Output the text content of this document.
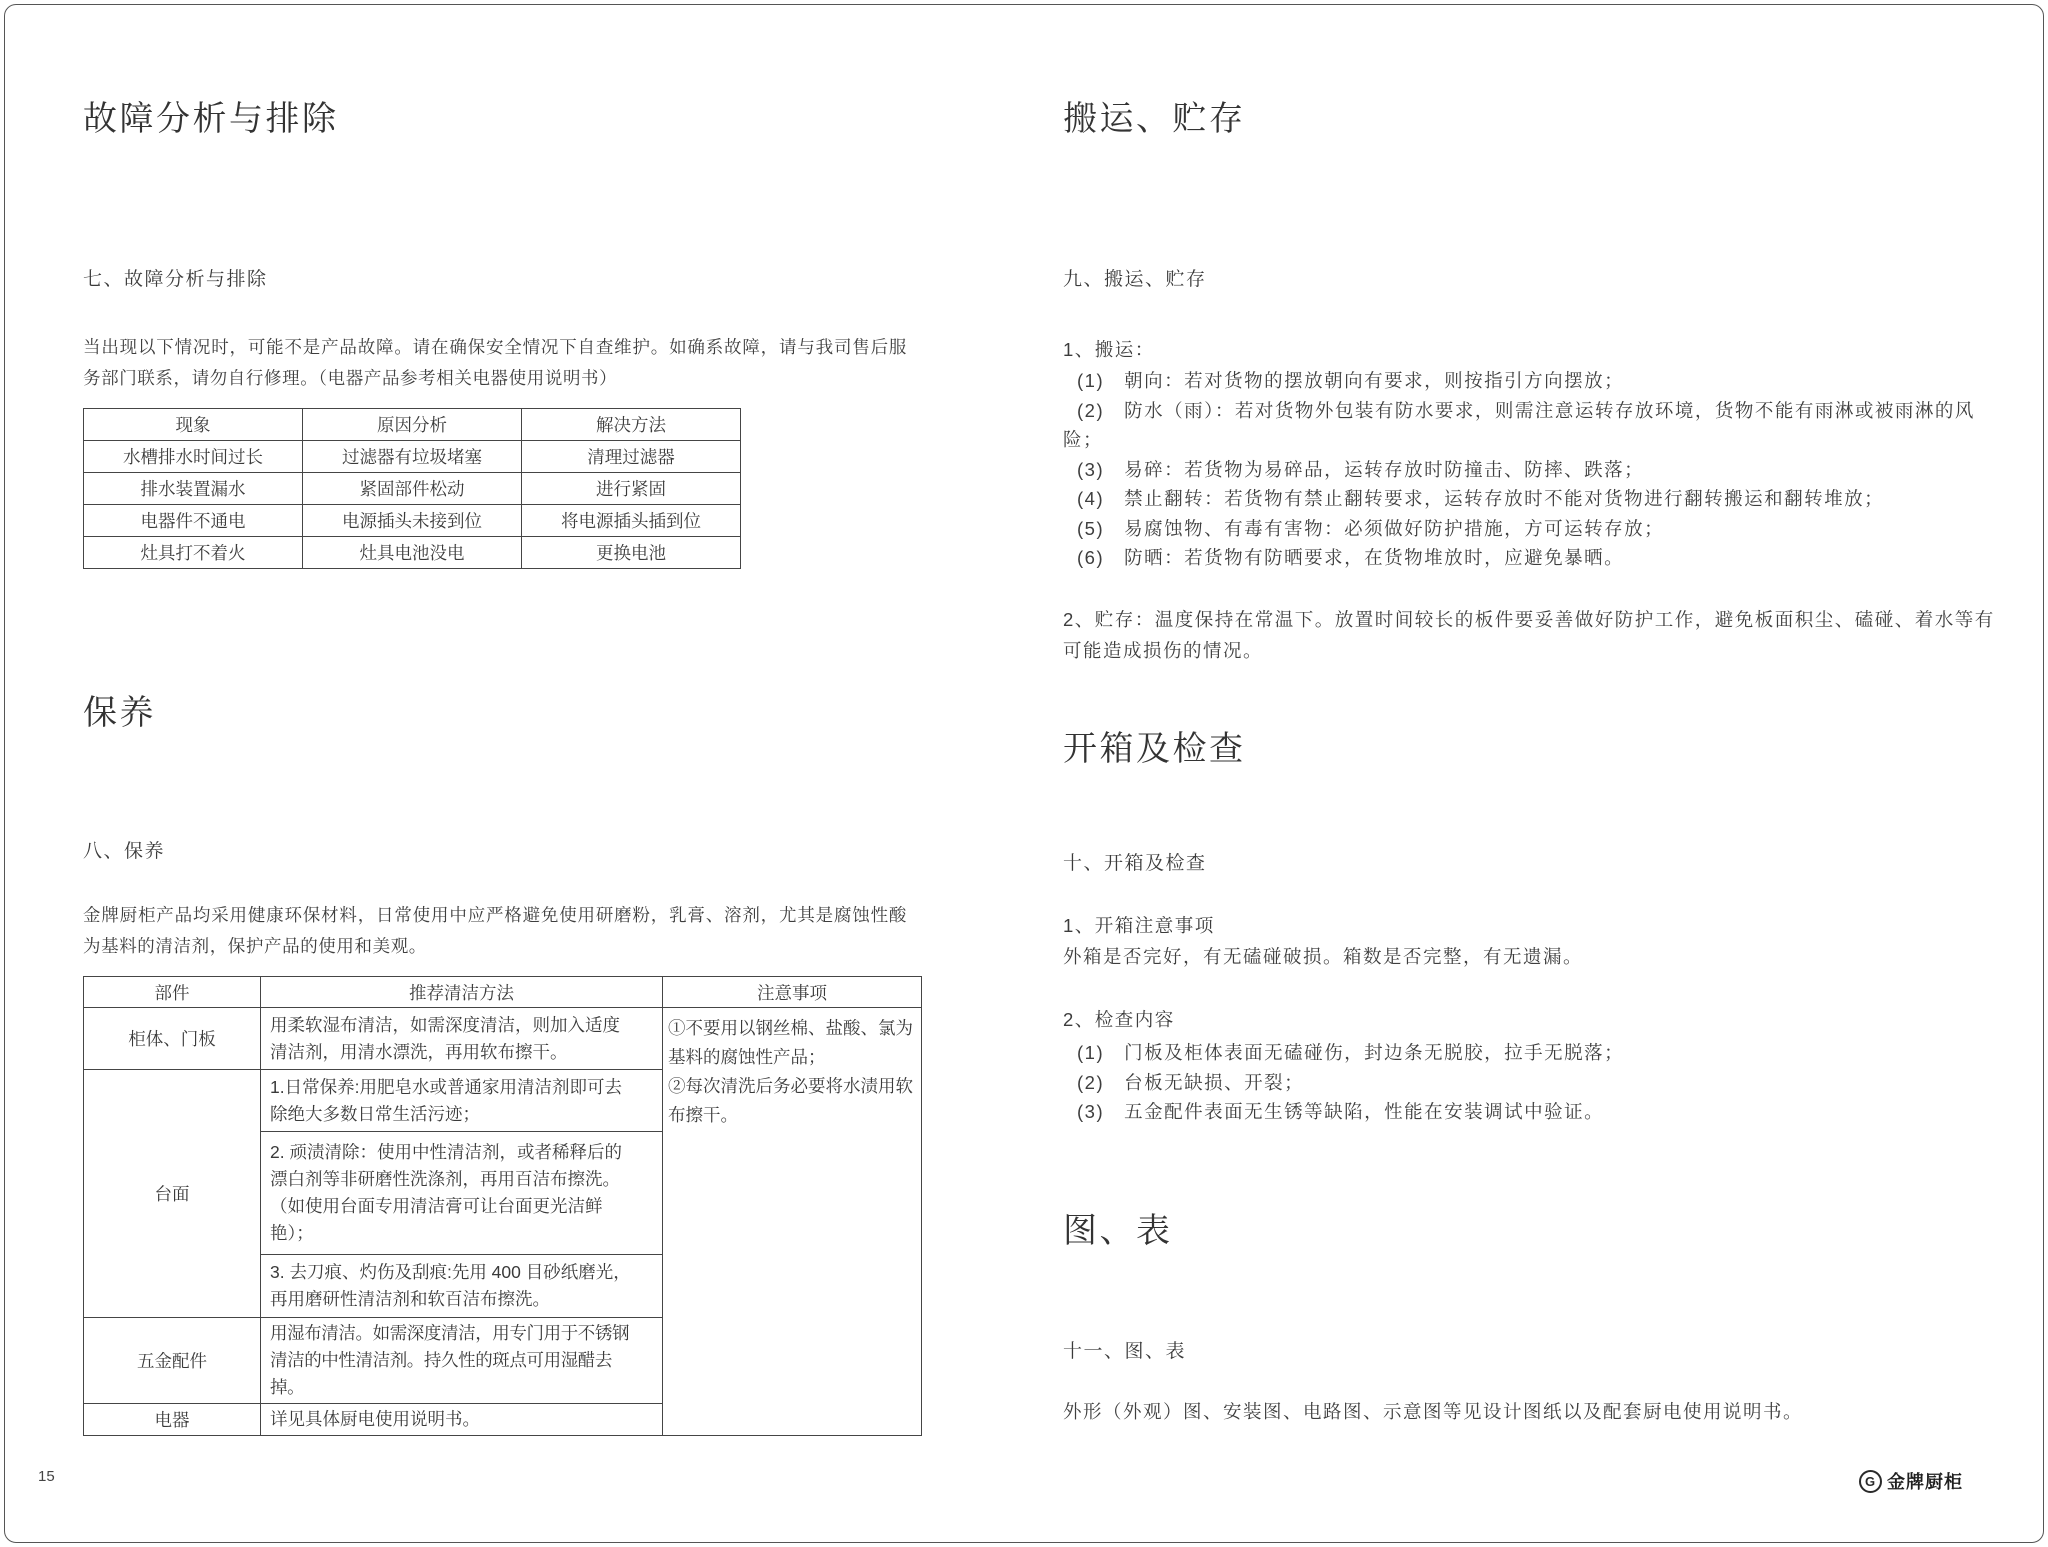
故障分析与排除
七、故障分析与排除

当出现以下情况时，可能不是产品故障。请在确保安全情况下自查维护。如确系故障，请与我司售后服务部门联系，请勿自行修理。（电器产品参考相关电器使用说明书）

现象	原因分析	解决方法
水槽排水时间过长	过滤器有垃圾堵塞	清理过滤器
排水装置漏水	紧固部件松动	进行紧固
电器件不通电	电源插头未接到位	将电源插头插到位
灶具打不着火	灶具电池没电	更换电池
保养
八、保养

金牌厨柜产品均采用健康环保材料，日常使用中应严格避免使用研磨粉，乳膏、溶剂，尤其是腐蚀性酸为基料的清洁剂，保护产品的使用和美观。

部件	推荐清洁方法	注意事项
柜体、门板	用柔软湿布清洁，如需深度清洁，则加入适度清洁剂，用清水漂洗，再用软布擦干。	①不要用以钢丝棉、盐酸、氯为基料的腐蚀性产品；

②每次清洗后务必要将水渍用软布擦干。

台面	1.日常保养:用肥皂水或普通家用清洁剂即可去除绝大多数日常生活污迹；	
	2. 顽渍清除：使用中性清洁剂，或者稀释后的漂白剂等非研磨性洗涤剂，再用百洁布擦洗。（如使用台面专用清洁膏可让台面更光洁鲜艳）；	
	3. 去刀痕、灼伤及刮痕:先用 400 目砂纸磨光，再用磨研性清洁剂和软百洁布擦洗。	
五金配件	用湿布清洁。如需深度清洁，用专门用于不锈钢清洁的中性清洁剂。持久性的斑点可用湿醋去掉。	
电器	详见具体厨电使用说明书。	
搬运、贮存
九、搬运、贮存

1、搬运：

(1)　朝向：若对货物的摆放朝向有要求，则按指引方向摆放；
(2)　防水（雨）：若对货物外包装有防水要求，则需注意运转存放环境，货物不能有雨淋或被雨淋的风险；
(3)　易碎：若货物为易碎品，运转存放时防撞击、防摔、跌落；
(4)　禁止翻转：若货物有禁止翻转要求，运转存放时不能对货物进行翻转搬运和翻转堆放；
(5)　易腐蚀物、有毒有害物：必须做好防护措施，方可运转存放；
(6)　防晒：若货物有防晒要求，在货物堆放时，应避免暴晒。

2、贮存：温度保持在常温下。放置时间较长的板件要妥善做好防护工作，避免板面积尘、磕碰、着水等有可能造成损伤的情况。

开箱及检查
十、开箱及检查

1、开箱注意事项

外箱是否完好，有无磕碰破损。箱数是否完整，有无遗漏。

2、检查内容

(1)　门板及柜体表面无磕碰伤，封边条无脱胶，拉手无脱落；
(2)　台板无缺损、开裂；
(3)　五金配件表面无生锈等缺陷，性能在安装调试中验证。
图、表
十一、图、表

外形（外观）图、安装图、电路图、示意图等见设计图纸以及配套厨电使用说明书。

15	G 金牌厨柜
